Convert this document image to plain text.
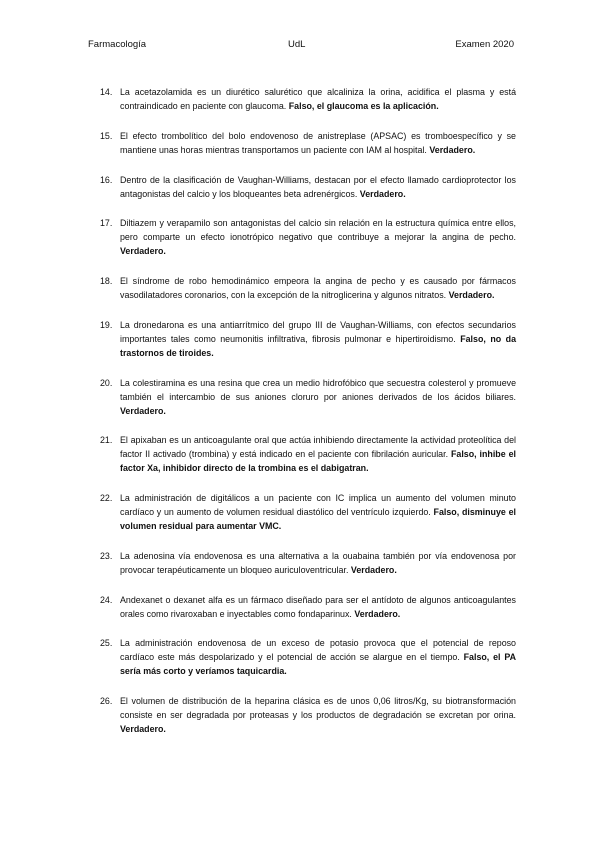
Farmacología	UdL	Examen 2020
14. La acetazolamida es un diurético salurético que alcaliniza la orina, acidifica el plasma y está contraindicado en paciente con glaucoma. Falso, el glaucoma es la aplicación.
15. El efecto trombolítico del bolo endovenoso de anistreplase (APSAC) es tromboespecífico y se mantiene unas horas mientras transportamos un paciente con IAM al hospital. Verdadero.
16. Dentro de la clasificación de Vaughan-Williams, destacan por el efecto llamado cardioprotector los antagonistas del calcio y los bloqueantes beta adrenérgicos. Verdadero.
17. Diltiazem y verapamilo son antagonistas del calcio sin relación en la estructura química entre ellos, pero comparte un efecto ionotrópico negativo que contribuye a mejorar la angina de pecho. Verdadero.
18. El síndrome de robo hemodinámico empeora la angina de pecho y es causado por fármacos vasodilatadores coronarios, con la excepción de la nitroglicerina y algunos nitratos. Verdadero.
19. La dronedarona es una antiarrítmico del grupo III de Vaughan-Williams, con efectos secundarios importantes tales como neumonitis infiltrativa, fibrosis pulmonar e hipertiroidismo. Falso, no da trastornos de tiroides.
20. La colestiramina es una resina que crea un medio hidrofóbico que secuestra colesterol y promueve también el intercambio de sus aniones cloruro por aniones derivados de los ácidos biliares. Verdadero.
21. El apixaban es un anticoagulante oral que actúa inhibiendo directamente la actividad proteolítica del factor II activado (trombina) y está indicado en el paciente con fibrilación auricular. Falso, inhibe el factor Xa, inhibidor directo de la trombina es el dabigatran.
22. La administración de digitálicos a un paciente con IC implica un aumento del volumen minuto cardíaco y un aumento de volumen residual diastólico del ventrículo izquierdo. Falso, disminuye el volumen residual para aumentar VMC.
23. La adenosina vía endovenosa es una alternativa a la ouabaina también por vía endovenosa por provocar terapéuticamente un bloqueo auriculoventricular. Verdadero.
24. Andexanet o dexanet alfa es un fármaco diseñado para ser el antídoto de algunos anticoagulantes orales como rivaroxaban e inyectables como fondaparinux. Verdadero.
25. La administración endovenosa de un exceso de potasio provoca que el potencial de reposo cardíaco este más despolarizado y el potencial de acción se alargue en el tiempo. Falso, el PA sería más corto y veríamos taquicardia.
26. El volumen de distribución de la heparina clásica es de unos 0,06 litros/Kg, su biotransformación consiste en ser degradada por proteasas y los productos de degradación se excretan por orina. Verdadero.
